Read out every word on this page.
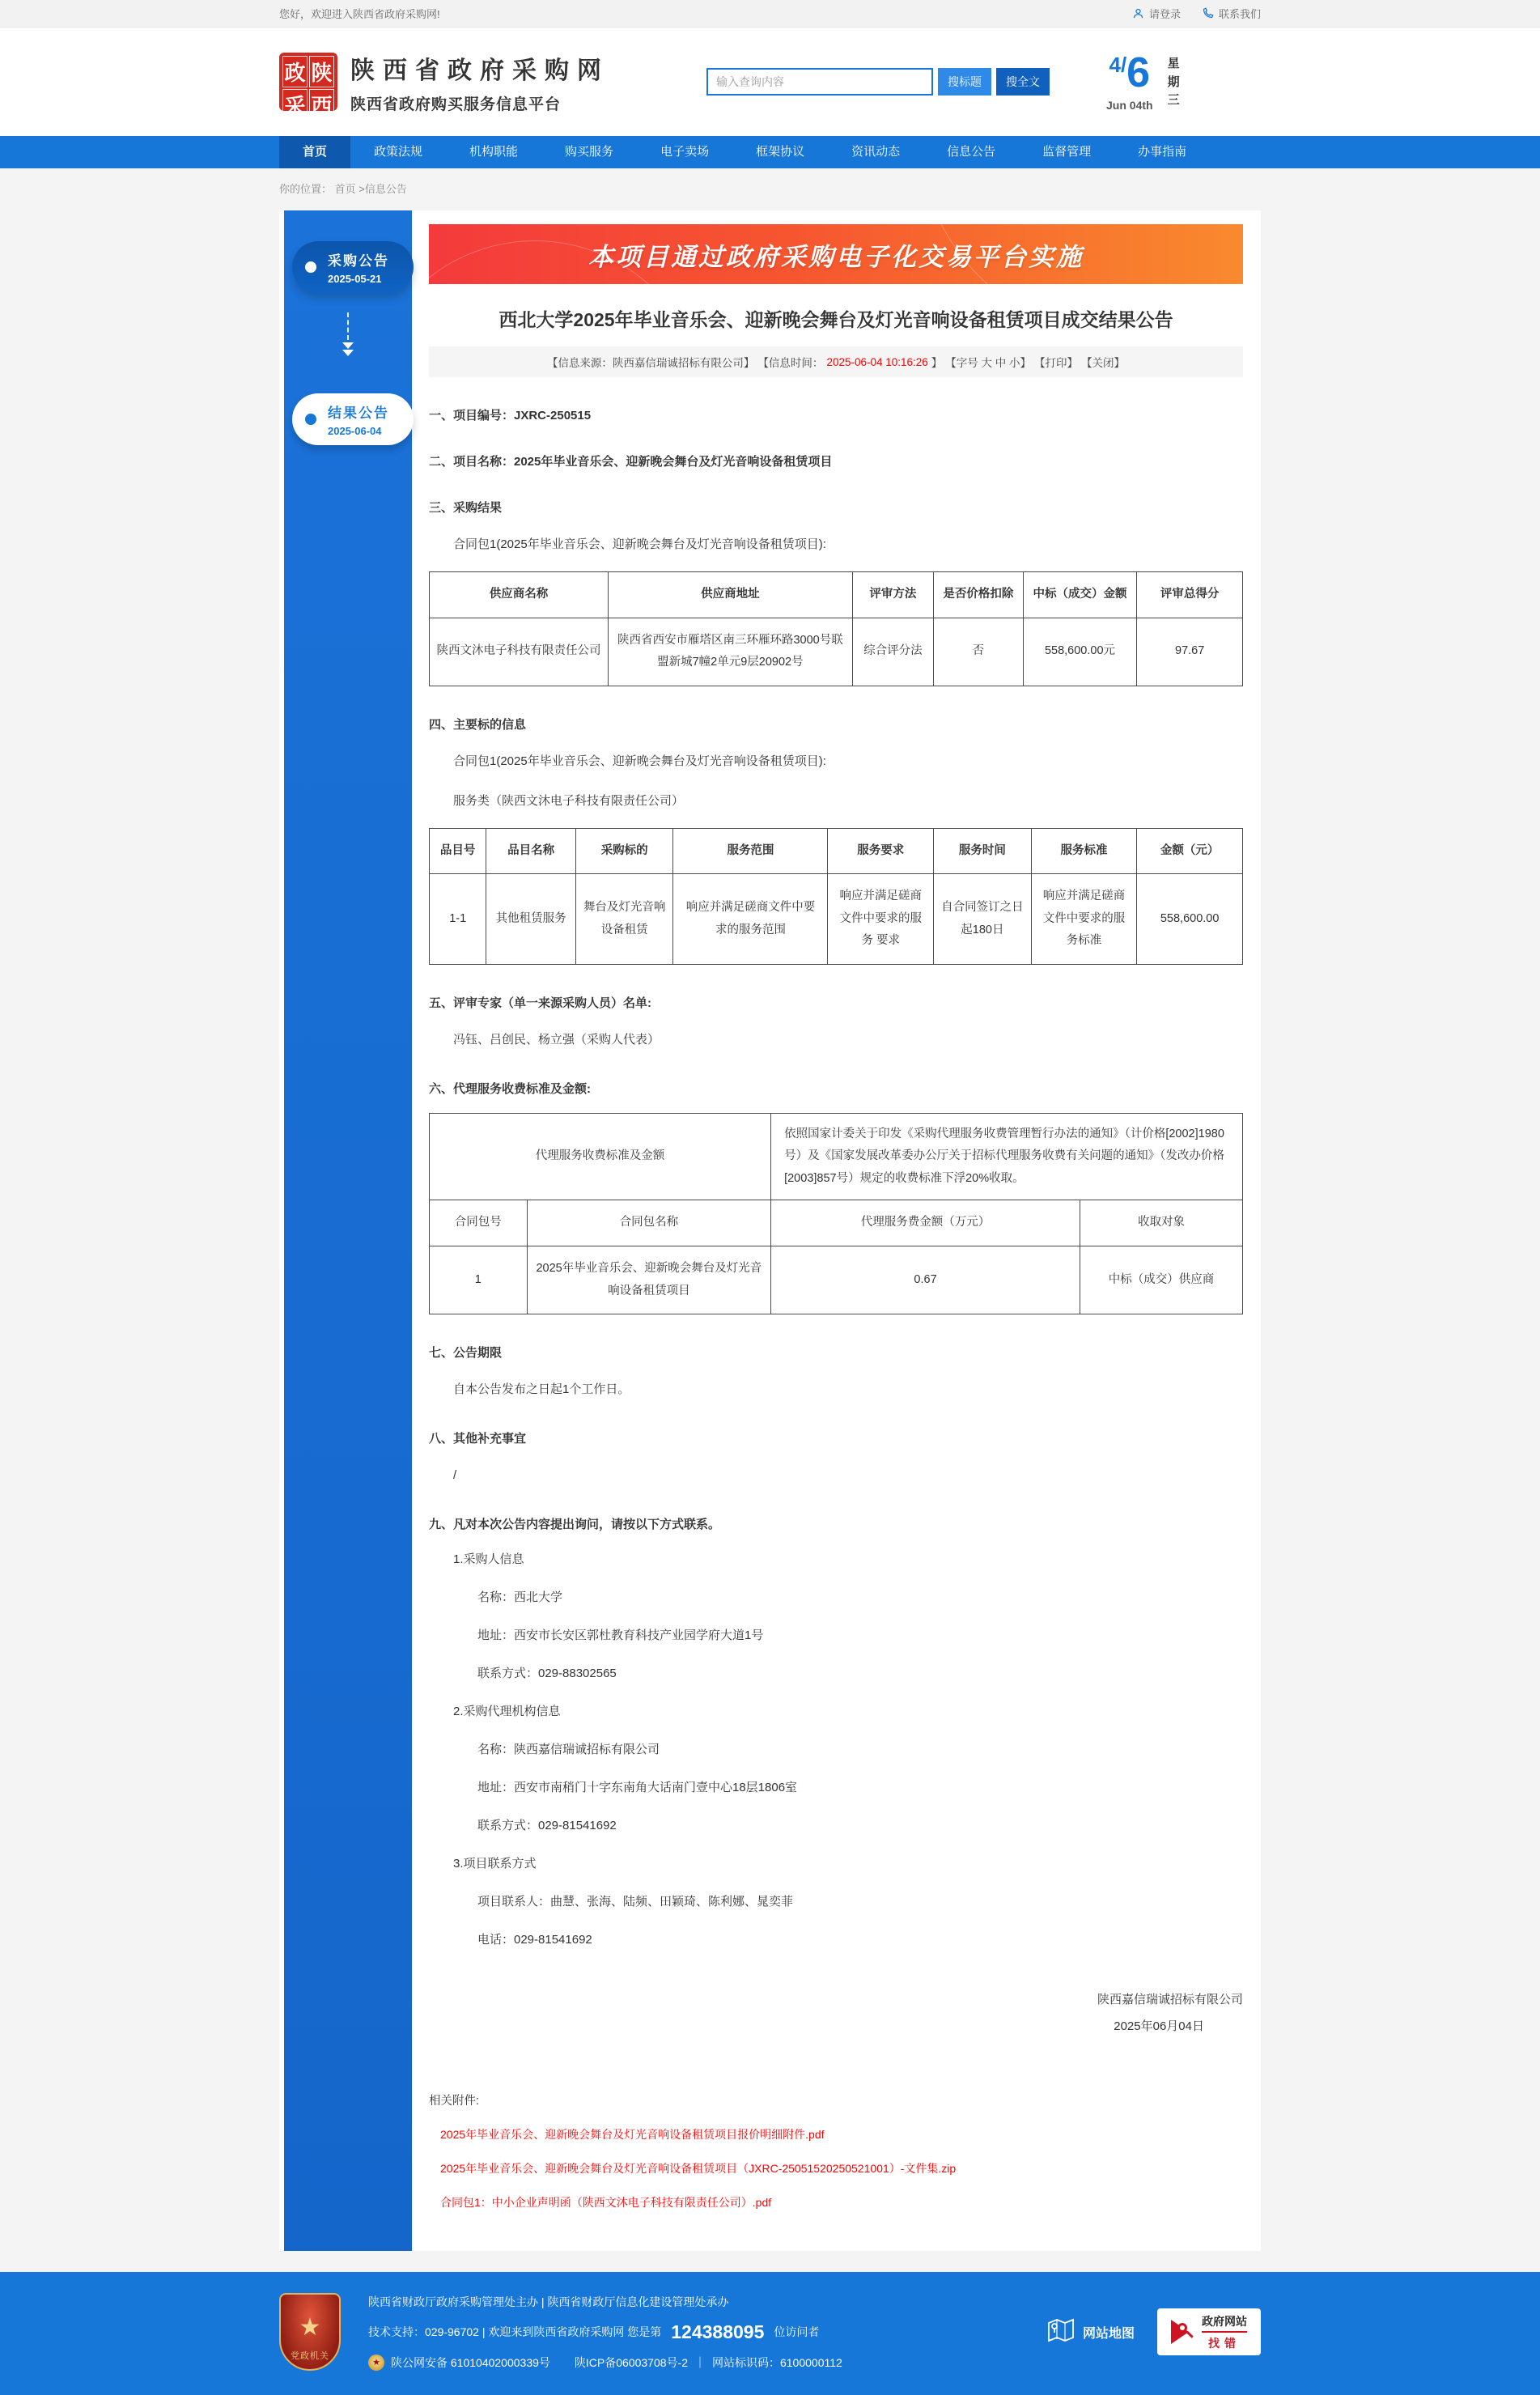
您好，欢迎进入陕西省政府采购网!	请登录	联系我们
政 陕
采 西
陕西省政府采购网
陕西省政府购买服务信息平台
输入查询内容
搜标题	搜全文
4/6
Jun 04th
星期三
首页	政策法规	机构职能	购买服务	电子卖场	框架协议	资讯动态	信息公告	监督管理	办事指南
你的位置： 首页 >信息公告
采购公告
2025-05-21
结果公告
2025-06-04
本项目通过政府采购电子化交易平台实施
西北大学2025年毕业音乐会、迎新晚会舞台及灯光音响设备租赁项目成交结果公告
【信息来源：陕西嘉信瑞诚招标有限公司】 【信息时间： 2025-06-04 10:16:26 】 【字号 大 中 小】 【打印】 【关闭】
一、项目编号：JXRC-250515
二、项目名称：2025年毕业音乐会、迎新晚会舞台及灯光音响设备租赁项目
三、采购结果
合同包1(2025年毕业音乐会、迎新晚会舞台及灯光音响设备租赁项目):
供应商名称	供应商地址	评审方法	是否价格扣除	中标（成交）金额	评审总得分
陕西文沐电子科技有限责任公司	陕西省西安市雁塔区南三环雁环路3000号联盟新城7幢2单元9层20902号	综合评分法	否	558,600.00元	97.67
四、主要标的信息
合同包1(2025年毕业音乐会、迎新晚会舞台及灯光音响设备租赁项目):
服务类（陕西文沐电子科技有限责任公司）
品目号	品目名称	采购标的	服务范围	服务要求	服务时间	服务标准	金额（元）
1-1	其他租赁服务	舞台及灯光音响设备租赁	响应并满足磋商文件中要求的服务范围	响应并满足磋商文件中要求的服 务 要求	自合同签订之日起180日	响应并满足磋商文件中要求的服务标准	558,600.00
五、评审专家（单一来源采购人员）名单:
冯钰、吕创民、杨立强（采购人代表）
六、代理服务收费标准及金额:
代理服务收费标准及金额		依照国家计委关于印发《采购代理服务收费管理暂行办法的通知》（计价格[2002]1980号）及《国家发展改革委办公厅关于招标代理服务收费有关问题的通知》（发改办价格[2003]857号）规定的收费标准下浮20%收取。	
合同包号	合同包名称	代理服务费金额（万元）	收取对象
1	2025年毕业音乐会、迎新晚会舞台及灯光音响设备租赁项目	0.67	中标（成交）供应商
七、公告期限
自本公告发布之日起1个工作日。
八、其他补充事宜
/
九、凡对本次公告内容提出询问，请按以下方式联系。
1.采购人信息
名称：西北大学
地址：西安市长安区郭杜教育科技产业园学府大道1号
联系方式：029-88302565
2.采购代理机构信息
名称：陕西嘉信瑞诚招标有限公司
地址：西安市南稍门十字东南角大话南门壹中心18层1806室
联系方式：029-81541692
3.项目联系方式
项目联系人：曲慧、张海、陆频、田颖琦、陈利娜、晁奕菲
电话：029-81541692
陕西嘉信瑞诚招标有限公司
2025年06月04日
相关附件:
2025年毕业音乐会、迎新晚会舞台及灯光音响设备租赁项目报价明细附件.pdf
2025年毕业音乐会、迎新晚会舞台及灯光音响设备租赁项目（JXRC-25051520250521001）-文件集.zip
合同包1：中小企业声明函（陕西文沐电子科技有限责任公司）.pdf
★
党政机关
陕西省财政厅政府采购管理处主办 | 陕西省财政厅信息化建设管理处承办
技术支持：029-96702 | 欢迎来到陕西省政府采购网 您是第 124388095 位访问者
★ 陕公网安备 61010402000339号 陕ICP备06003708号-2 ｜ 网站标识码：6100000112
网站地图
政府网站
找错
